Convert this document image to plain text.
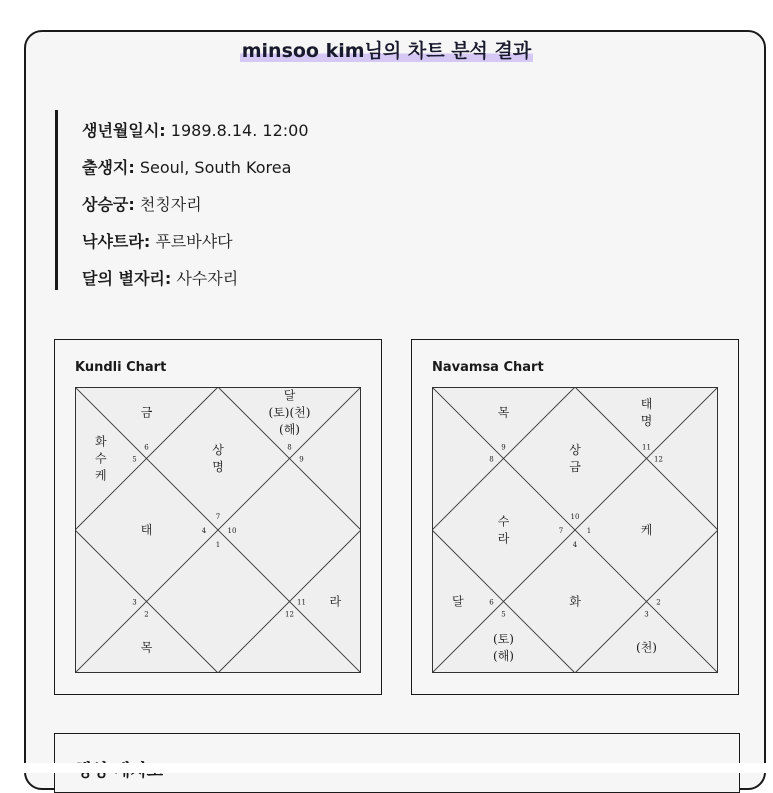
minsoo kim님의 차트 분석 결과
생년월일시: 1989.8.14. 12:00
출생지: Seoul, South Korea
상승궁: 천칭자리
낙샤트라: 푸르바샤다
달의 별자리: 사수자리
Kundli Chart
상
명
7
금
6
화
수
케
5
태	4
3
목
2
1
12
라
11
10
9
달
(토)(천)
(해)
8
Navamsa Chart
상
금
10
목
9
8
수
라
7
달	6
(토)
(해)
5
화
4
(천)
3
2
케
1
12
태
명
11
